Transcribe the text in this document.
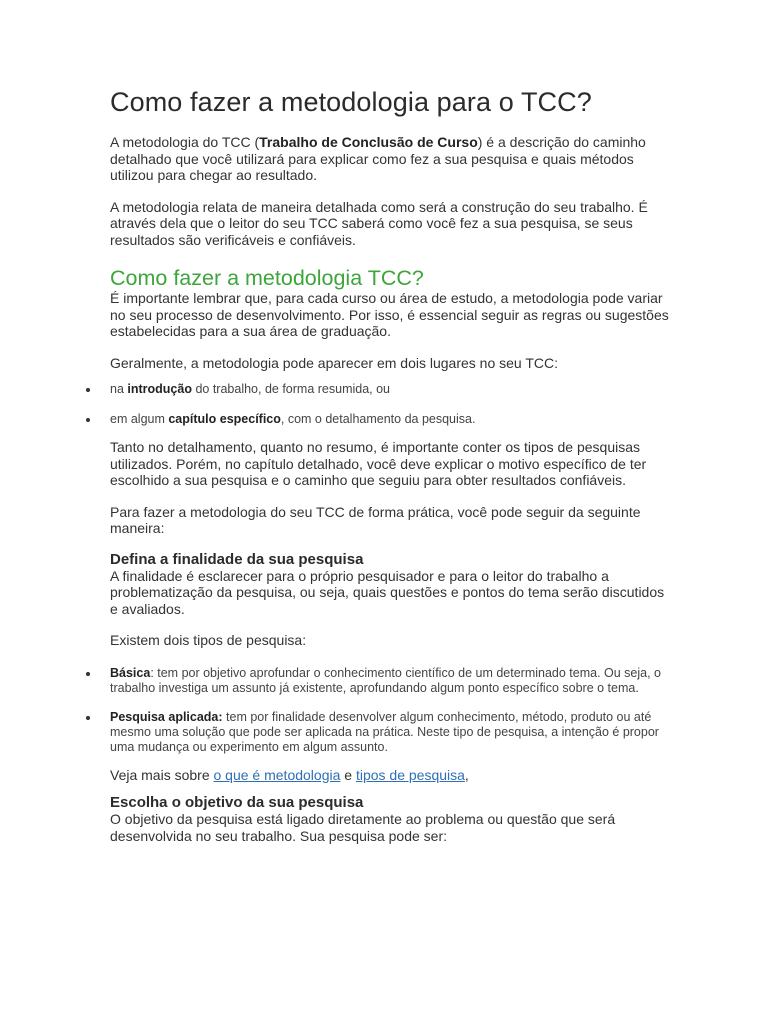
Como fazer a metodologia para o TCC?

A metodologia do TCC (Trabalho de Conclusão de Curso) é a descrição do caminho detalhado que você utilizará para explicar como fez a sua pesquisa e quais métodos utilizou para chegar ao resultado.

A metodologia relata de maneira detalhada como será a construção do seu trabalho. É através dela que o leitor do seu TCC saberá como você fez a sua pesquisa, se seus resultados são verificáveis e confiáveis.

Como fazer a metodologia TCC?

É importante lembrar que, para cada curso ou área de estudo, a metodologia pode variar no seu processo de desenvolvimento. Por isso, é essencial seguir as regras ou sugestões estabelecidas para a sua área de graduação.

Geralmente, a metodologia pode aparecer em dois lugares no seu TCC:

na introdução do trabalho, de forma resumida, ou
em algum capítulo específico, com o detalhamento da pesquisa.

Tanto no detalhamento, quanto no resumo, é importante conter os tipos de pesquisas utilizados. Porém, no capítulo detalhado, você deve explicar o motivo específico de ter escolhido a sua pesquisa e o caminho que seguiu para obter resultados confiáveis.

Para fazer a metodologia do seu TCC de forma prática, você pode seguir da seguinte maneira:

Defina a finalidade da sua pesquisa

A finalidade é esclarecer para o próprio pesquisador e para o leitor do trabalho a problematização da pesquisa, ou seja, quais questões e pontos do tema serão discutidos e avaliados.

Existem dois tipos de pesquisa:

Básica: tem por objetivo aprofundar o conhecimento científico de um determinado tema. Ou seja, o trabalho investiga um assunto já existente, aprofundando algum ponto específico sobre o tema.
Pesquisa aplicada: tem por finalidade desenvolver algum conhecimento, método, produto ou até mesmo uma solução que pode ser aplicada na prática. Neste tipo de pesquisa, a intenção é propor uma mudança ou experimento em algum assunto.

Veja mais sobre o que é metodologia e tipos de pesquisa,

Escolha o objetivo da sua pesquisa

O objetivo da pesquisa está ligado diretamente ao problema ou questão que será desenvolvida no seu trabalho. Sua pesquisa pode ser:
